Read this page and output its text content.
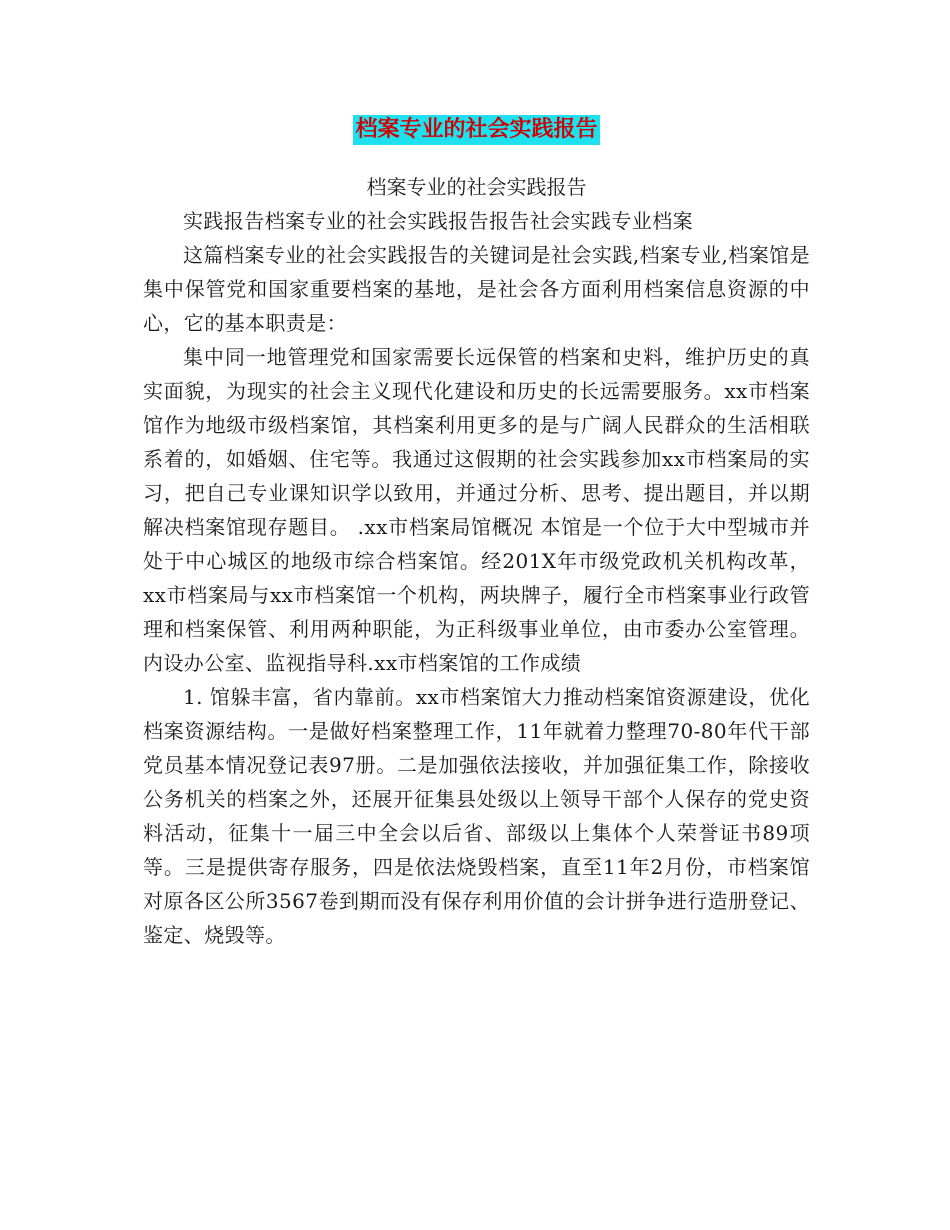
档案专业的社会实践报告

档案专业的社会实践报告

实践报告档案专业的社会实践报告报告社会实践专业档案

这篇档案专业的社会实践报告的关键词是社会实践,档案专业,档案馆是集中保管党和国家重要档案的基地，是社会各方面利用档案信息资源的中心，它的基本职责是：

集中同一地管理党和国家需要长远保管的档案和史料，维护历史的真实面貌，为现实的社会主义现代化建设和历史的长远需要服务。xx市档案馆作为地级市级档案馆，其档案利用更多的是与广阔人民群众的生活相联系着的，如婚姻、住宅等。我通过这假期的社会实践参加xx市档案局的实习，把自己专业课知识学以致用，并通过分析、思考、提出题目，并以期解决档案馆现存题目。 .xx市档案局馆概况 本馆是一个位于大中型城市并处于中心城区的地级市综合档案馆。经201X年市级党政机关机构改革，xx市档案局与xx市档案馆一个机构，两块牌子，履行全市档案事业行政管理和档案保管、利用两种职能，为正科级事业单位，由市委办公室管理。内设办公室、监视指导科.xx市档案馆的工作成绩

1. 馆躲丰富，省内靠前。xx市档案馆大力推动档案馆资源建设，优化档案资源结构。一是做好档案整理工作，11年就着力整理70-80年代干部党员基本情况登记表97册。二是加强依法接收，并加强征集工作，除接收公务机关的档案之外，还展开征集县处级以上领导干部个人保存的党史资料活动，征集十一届三中全会以后省、部级以上集体个人荣誉证书89项等。三是提供寄存服务，四是依法烧毁档案，直至11年2月份，市档案馆对原各区公所3567卷到期而没有保存利用价值的会计拼争进行造册登记、鉴定、烧毁等。
